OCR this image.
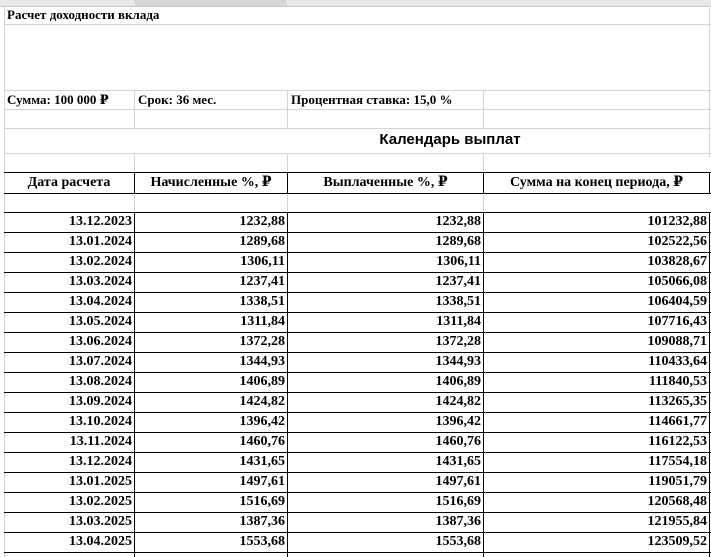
Расчет доходности вклада
Сумма: 100 000 ₽ Срок: 36 мес.	Процентная ставка: 15,0 %
Календарь выплат
Дата расчета	Начисленные %, ₽	Выплаченные %, ₽	Сумма на конец периода, ₽
13.12.2023	1232,88	1232,88	101232,88
13.01.2024	1289,68	1289,68	102522,56
13.02.2024	1306,11	1306,11	103828,67
13.03.2024	1237,41	1237,41	105066,08
13.04.2024	1338,51	1338,51	106404,59
13.05.2024	1311,84	1311,84	107716,43
13.06.2024	1372,28	1372,28	109088,71
13.07.2024	1344,93	1344,93	110433,64
13.08.2024	1406,89	1406,89	111840,53
13.09.2024	1424,82	1424,82	113265,35
13.10.2024	1396,42	1396,42	114661,77
13.11.2024	1460,76	1460,76	116122,53
13.12.2024	1431,65	1431,65	117554,18
13.01.2025	1497,61	1497,61	119051,79
13.02.2025	1516,69	1516,69	120568,48
13.03.2025	1387,36	1387,36	121955,84
13.04.2025	1553,68	1553,68	123509,52
